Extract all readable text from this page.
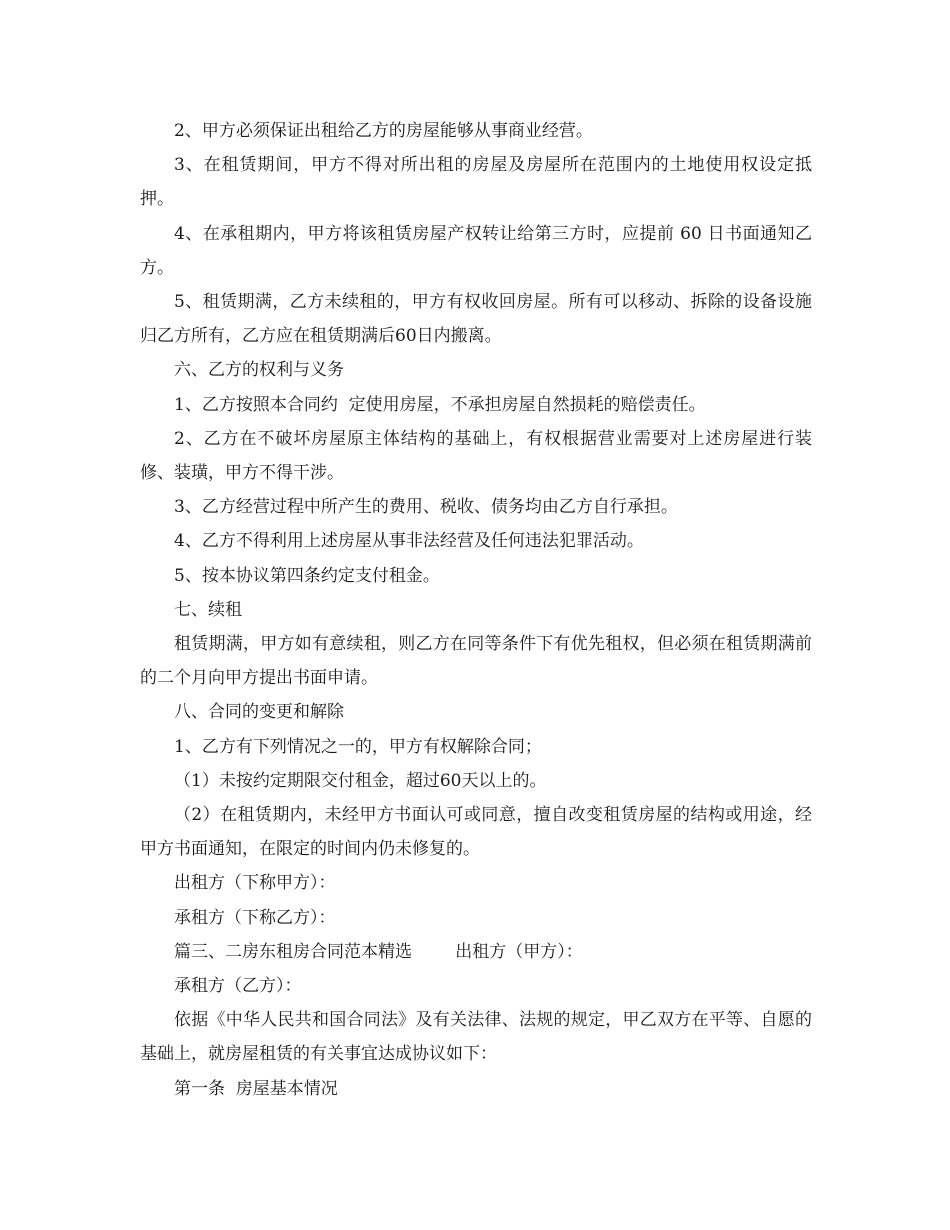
2、甲方必须保证出租给乙方的房屋能够从事商业经营。

3、在租赁期间，甲方不得对所出租的房屋及房屋所在范围内的土地使用权设定抵押。

4、在承租期内，甲方将该租赁房屋产权转让给第三方时，应提前 60 日书面通知乙方。

5、租赁期满，乙方未续租的，甲方有权收回房屋。所有可以移动、拆除的设备设施归乙方所有，乙方应在租赁期满后60日内搬离。

六、乙方的权利与义务

1、乙方按照本合同约  定使用房屋，不承担房屋自然损耗的赔偿责任。

2、乙方在不破坏房屋原主体结构的基础上，有权根据营业需要对上述房屋进行装修、装璜，甲方不得干涉。

3、乙方经营过程中所产生的费用、税收、债务均由乙方自行承担。

4、乙方不得利用上述房屋从事非法经营及任何违法犯罪活动。

5、按本协议第四条约定支付租金。

七、续租

租赁期满，甲方如有意续租，则乙方在同等条件下有优先租权，但必须在租赁期满前的二个月向甲方提出书面申请。

八、合同的变更和解除

1、乙方有下列情况之一的，甲方有权解除合同；

（1）未按约定期限交付租金，超过60天以上的。

（2）在租赁期内，未经甲方书面认可或同意，擅自改变租赁房屋的结构或用途，经甲方书面通知，在限定的时间内仍未修复的。

出租方（下称甲方）：

承租方（下称乙方）：

篇三、二房东租房合同范本精选        出租方（甲方）：

承租方（乙方）：

依据《中华人民共和国合同法》及有关法律、法规的规定，甲乙双方在平等、自愿的基础上，就房屋租赁的有关事宜达成协议如下：

第一条  房屋基本情况
